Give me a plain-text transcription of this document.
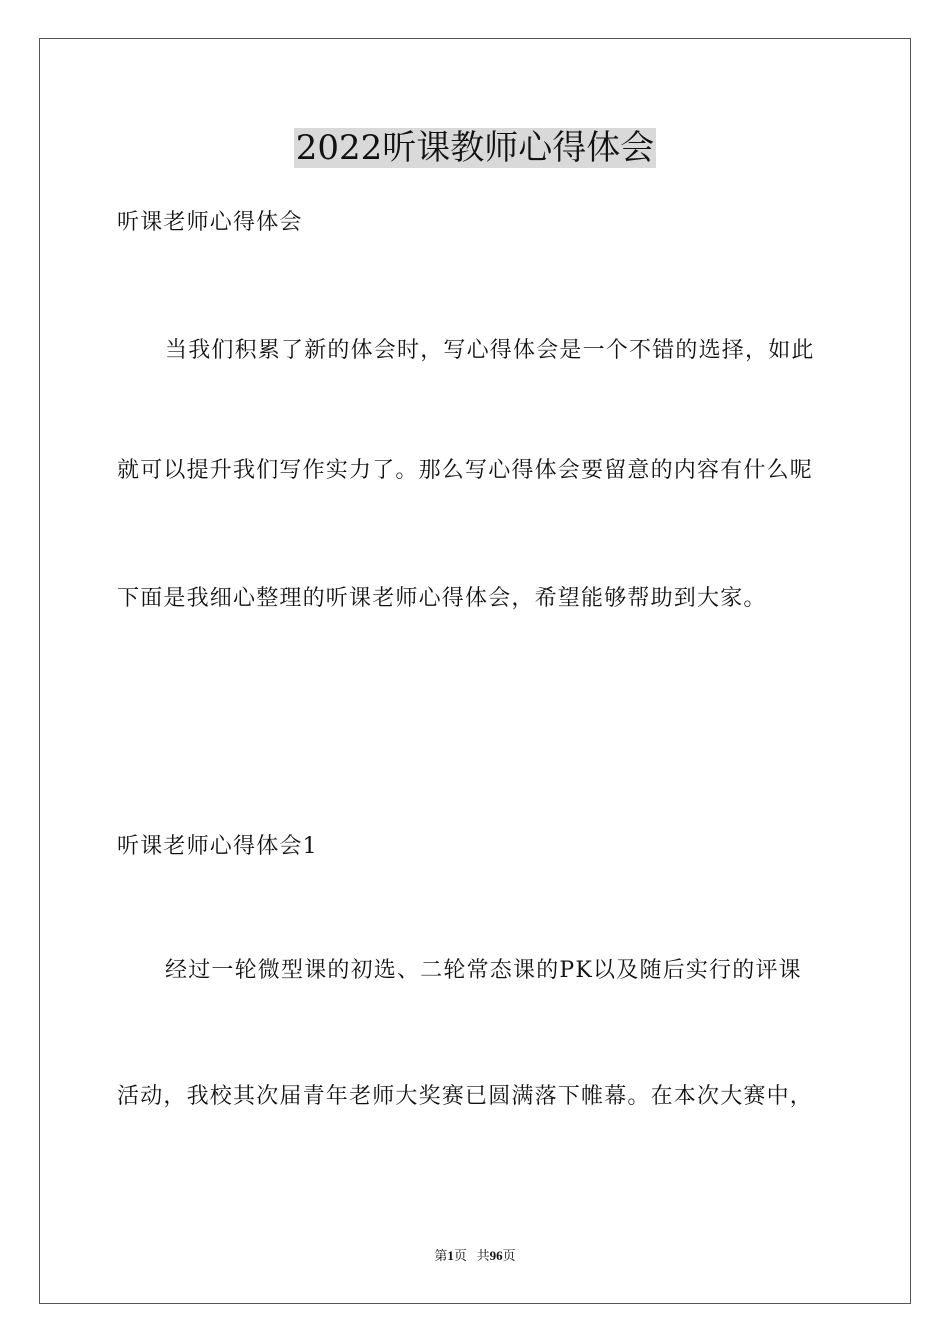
2022听课教师心得体会
听课老师心得体会
当我们积累了新的体会时，写心得体会是一个不错的选择，如此
就可以提升我们写作实力了。那么写心得体会要留意的内容有什么呢
下面是我细心整理的听课老师心得体会，希望能够帮助到大家。
听课老师心得体会1
经过一轮微型课的初选、二轮常态课的PK以及随后实行的评课
活动，我校其次届青年老师大奖赛已圆满落下帷幕。在本次大赛中，
第1页 共96页
